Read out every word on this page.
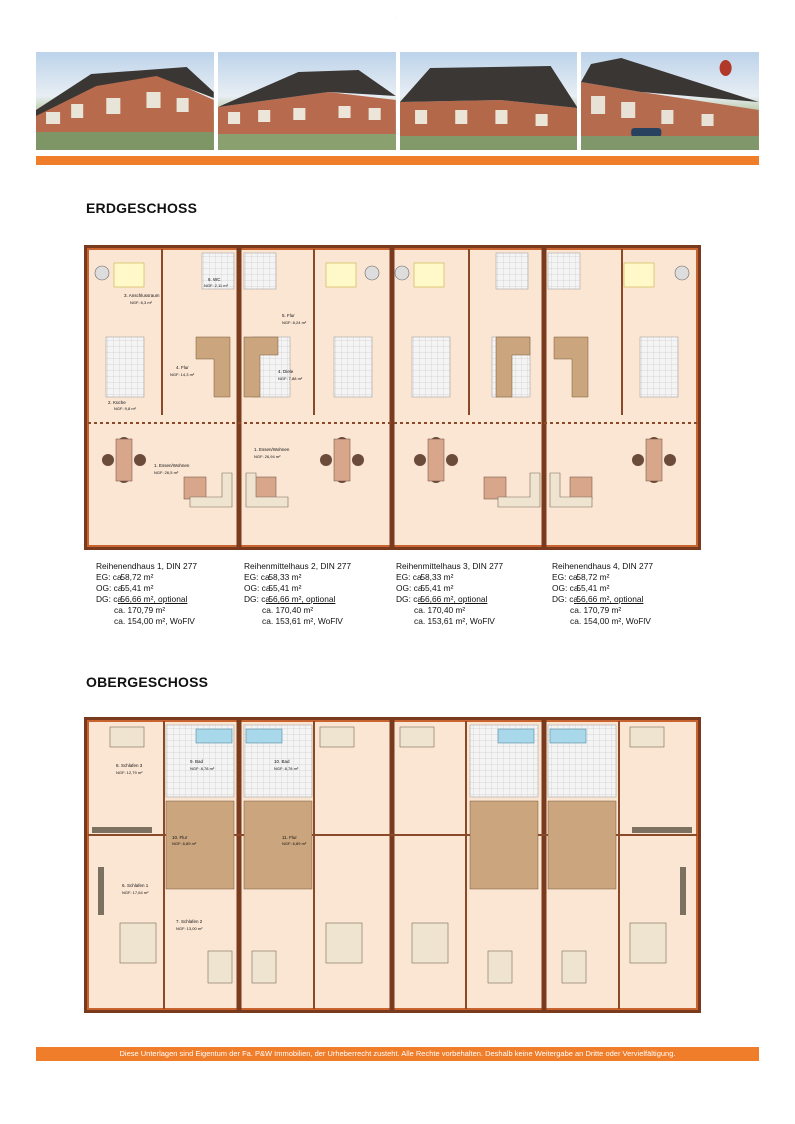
.
ERDGESCHOSS
3. Anschlussraum
NGF: 6,3 m²
6. WC
NGF: 2,11 m²
4. Flur
NGF: 14,3 m²
2. Küche
NGF: 9,8 m²
1. Essen/Wohnen
NGF: 26,5 m²
5. Flur
NGF: 8,24 m²
4. Diele
NGF: 7,88 m²
1. Essen/Wohnen
NGF: 26,94 m²
Reihenendhaus 1, DIN 277
EG: ca. 58,72 m²
OG: ca. 55,41 m²
DG: ca. 56,66 m², optional
ca. 170,79 m²
ca. 154,00 m², WoFlV
Reihenmittelhaus 2, DIN 277
EG: ca. 58,33 m²
OG: ca. 55,41 m²
DG: ca. 56,66 m², optional
ca. 170,40 m²
ca. 153,61 m², WoFlV
Reihenmittelhaus 3, DIN 277
EG: ca. 58,33 m²
OG: ca. 55,41 m²
DG: ca. 56,66 m², optional
ca. 170,40 m²
ca. 153,61 m², WoFlV
Reihenendhaus 4, DIN 277
EG: ca. 58,72 m²
OG: ca. 55,41 m²
DG: ca. 56,66 m², optional
ca. 170,79 m²
ca. 154,00 m², WoFlV
OBERGESCHOSS
8. Schlafen 3
NGF: 12,79 m²
9. Bad
NGF: 8,78 m²
10. Flur
NGF: 6,89 m²
6. Schlafen 1
NGF: 17,64 m²
7. Schlafen 2
NGF: 13,00 m²
11. Flur
NGF: 6,89 m²
10. Bad
NGF: 8,78 m²
Diese Unterlagen sind Eigentum der Fa. P&W Immobilien, der Urheberrecht zusteht. Alle Rechte vorbehalten. Deshalb keine Weitergabe an Dritte oder Vervielfältigung.
